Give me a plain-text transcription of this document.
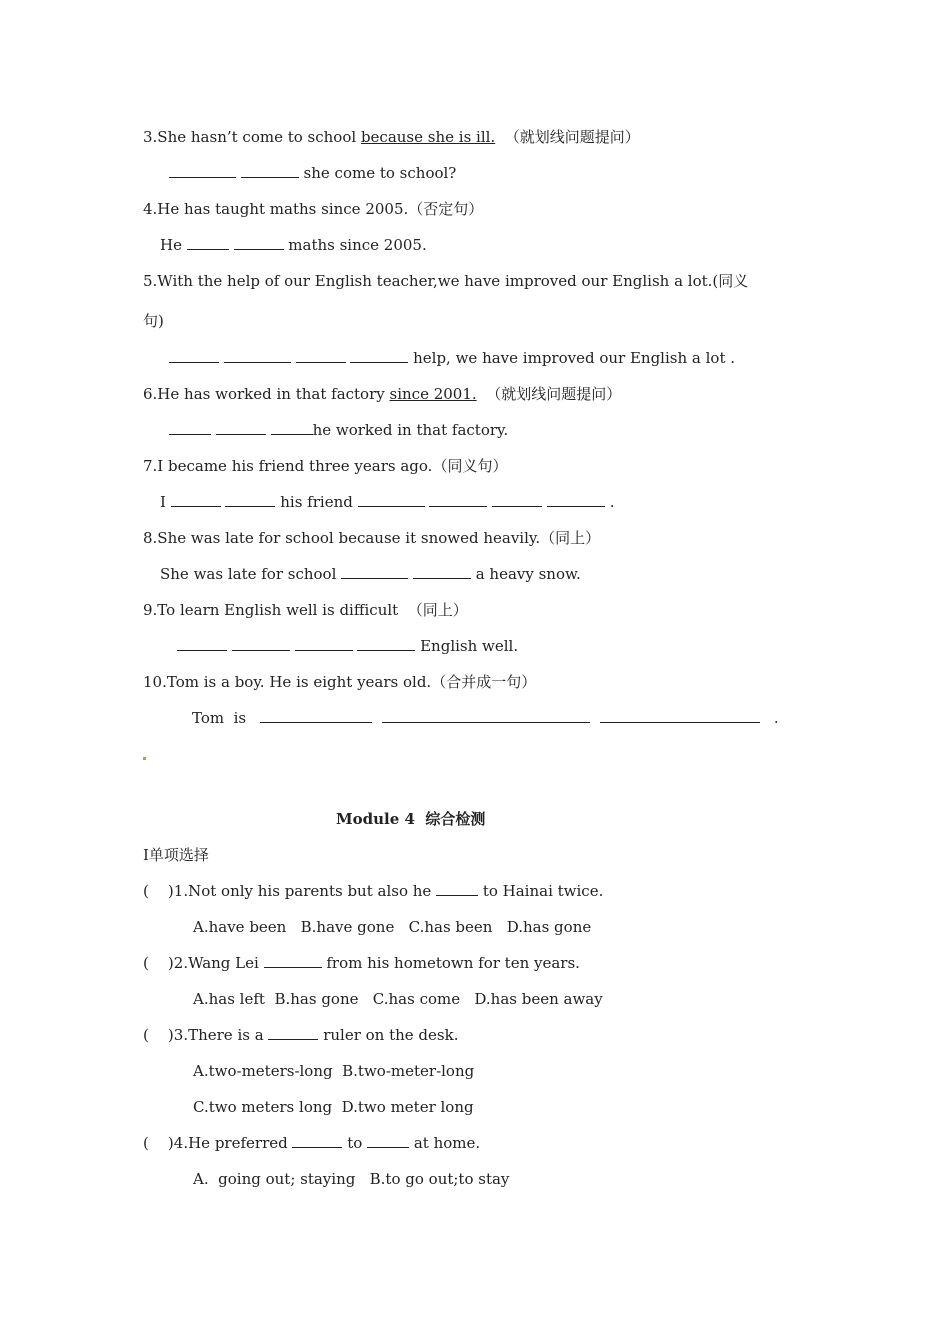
3.She hasn’t come to school because she is ill.  （就划线问题提问）
she come to school?
4.He has taught maths since 2005.（否定句）
He	maths since 2005.
5.With the help of our English teacher,we have improved our English a lot.(同义
句)
help, we have improved our English a lot .
6.He has worked in that factory since 2001.  （就划线问题提问）
he worked in that factory.
7.I became his friend three years ago.（同义句）
I	his friend	.
8.She was late for school because it snowed heavily.（同上）
She was late for school	a heavy snow.
9.To learn English well is difficult  （同上）
English well.
10.Tom is a boy. He is eight years old.（合并成一句）
Tom  is	.
Module 4  综合检测
I单项选择
(    )1.Not only his parents but also he	to Hainai twice.
A.have been   B.have gone   C.has been   D.has gone
(    )2.Wang Lei	from his hometown for ten years.
A.has left  B.has gone   C.has come   D.has been away
(    )3.There is a	ruler on the desk.
A.two-meters-long  B.two-meter-long
C.two meters long  D.two meter long
(    )4.He preferred	to	at home.
A.  going out; staying   B.to go out;to stay
